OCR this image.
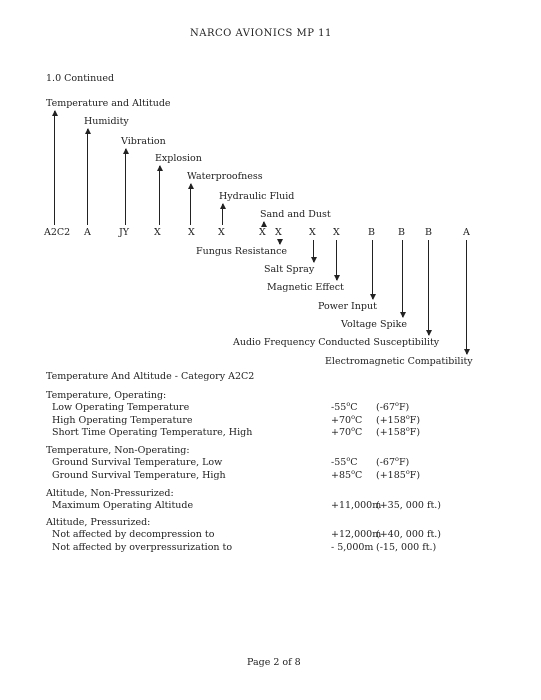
NARCO AVIONICS MP 11
1.0 Continued
A2C2 A	JY	X	X X	X X	X X	B B B	A
Temperature and Altitude
Humidity
Vibration
Explosion
Waterproofness
Hydraulic Fluid
Sand and Dust
Fungus Resistance
Salt Spray
Magnetic Effect
Power Input
Voltage Spike
Audio Frequency Conducted Susceptibility
Electromagnetic Compatibility
Temperature And Altitude - Category A2C2
Temperature, Operating:
Low Operating Temperature	-55$^o$C (-67$^o$F)
High Operating Temperature	$+70^oC$ $(+158^oF)$
Short Time Operating Temperature, High	$+70^oC$ $(+158^oF)$
Temperature, Non-Operating:
Ground Survival Temperature, Low	-55$^o$C (-67$^o$F)
Ground Survival Temperature, High	$+85^oC$ $(+185^oF)$
Altitude, Non-Pressurized:
Maximum Operating Altitude	+11,000m
(+35, 000 ft.)
Altitude, Pressurized:
Not affected by decompression to	+12,000m
(+40, 000 ft.)
Not affected by overpressurization to	- 5,000m (-15, 000 ft.)
Page 2 of 8
